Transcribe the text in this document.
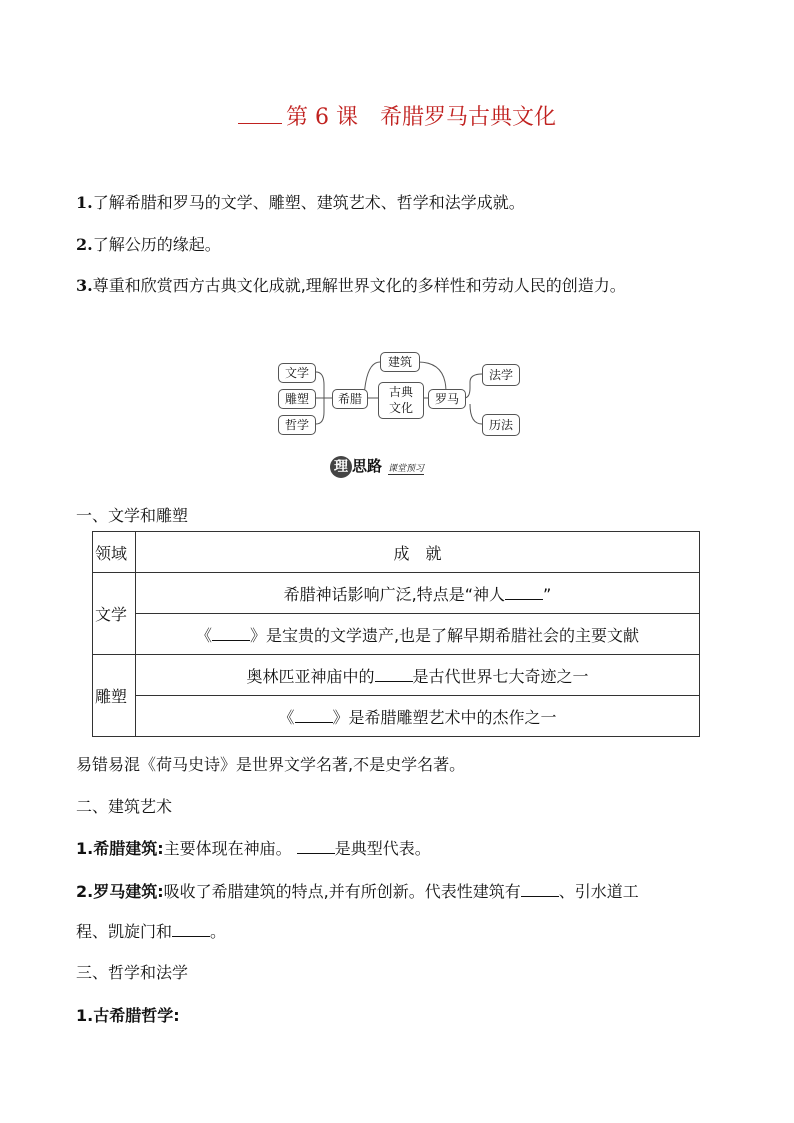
第 6 课　希腊罗马古典文化
1.了解希腊和罗马的文学、雕塑、建筑艺术、哲学和法学成就。
2.了解公历的缘起。
3.尊重和欣赏西方古典文化成就,理解世界文化的多样性和劳动人民的创造力。
文学
雕塑
哲学
希腊
建筑
古典
文化
罗马
法学
历法
理 思路 课堂预习
一、文学和雕塑
领域	成　就
文学	希腊神话影响广泛,特点是“神人 ”
	《 》是宝贵的文学遗产,也是了解早期希腊社会的主要文献
雕塑	奥林匹亚神庙中的 是古代世界七大奇迹之一
	《 》是希腊雕塑艺术中的杰作之一
易错易混《荷马史诗》是世界文学名著,不是史学名著。
二、建筑艺术
1.希腊建筑:主要体现在神庙。	是典型代表。
2.罗马建筑:吸收了希腊建筑的特点,并有所创新。代表性建筑有 、引水道工
程、凯旋门和 。
三、哲学和法学
1.古希腊哲学:
